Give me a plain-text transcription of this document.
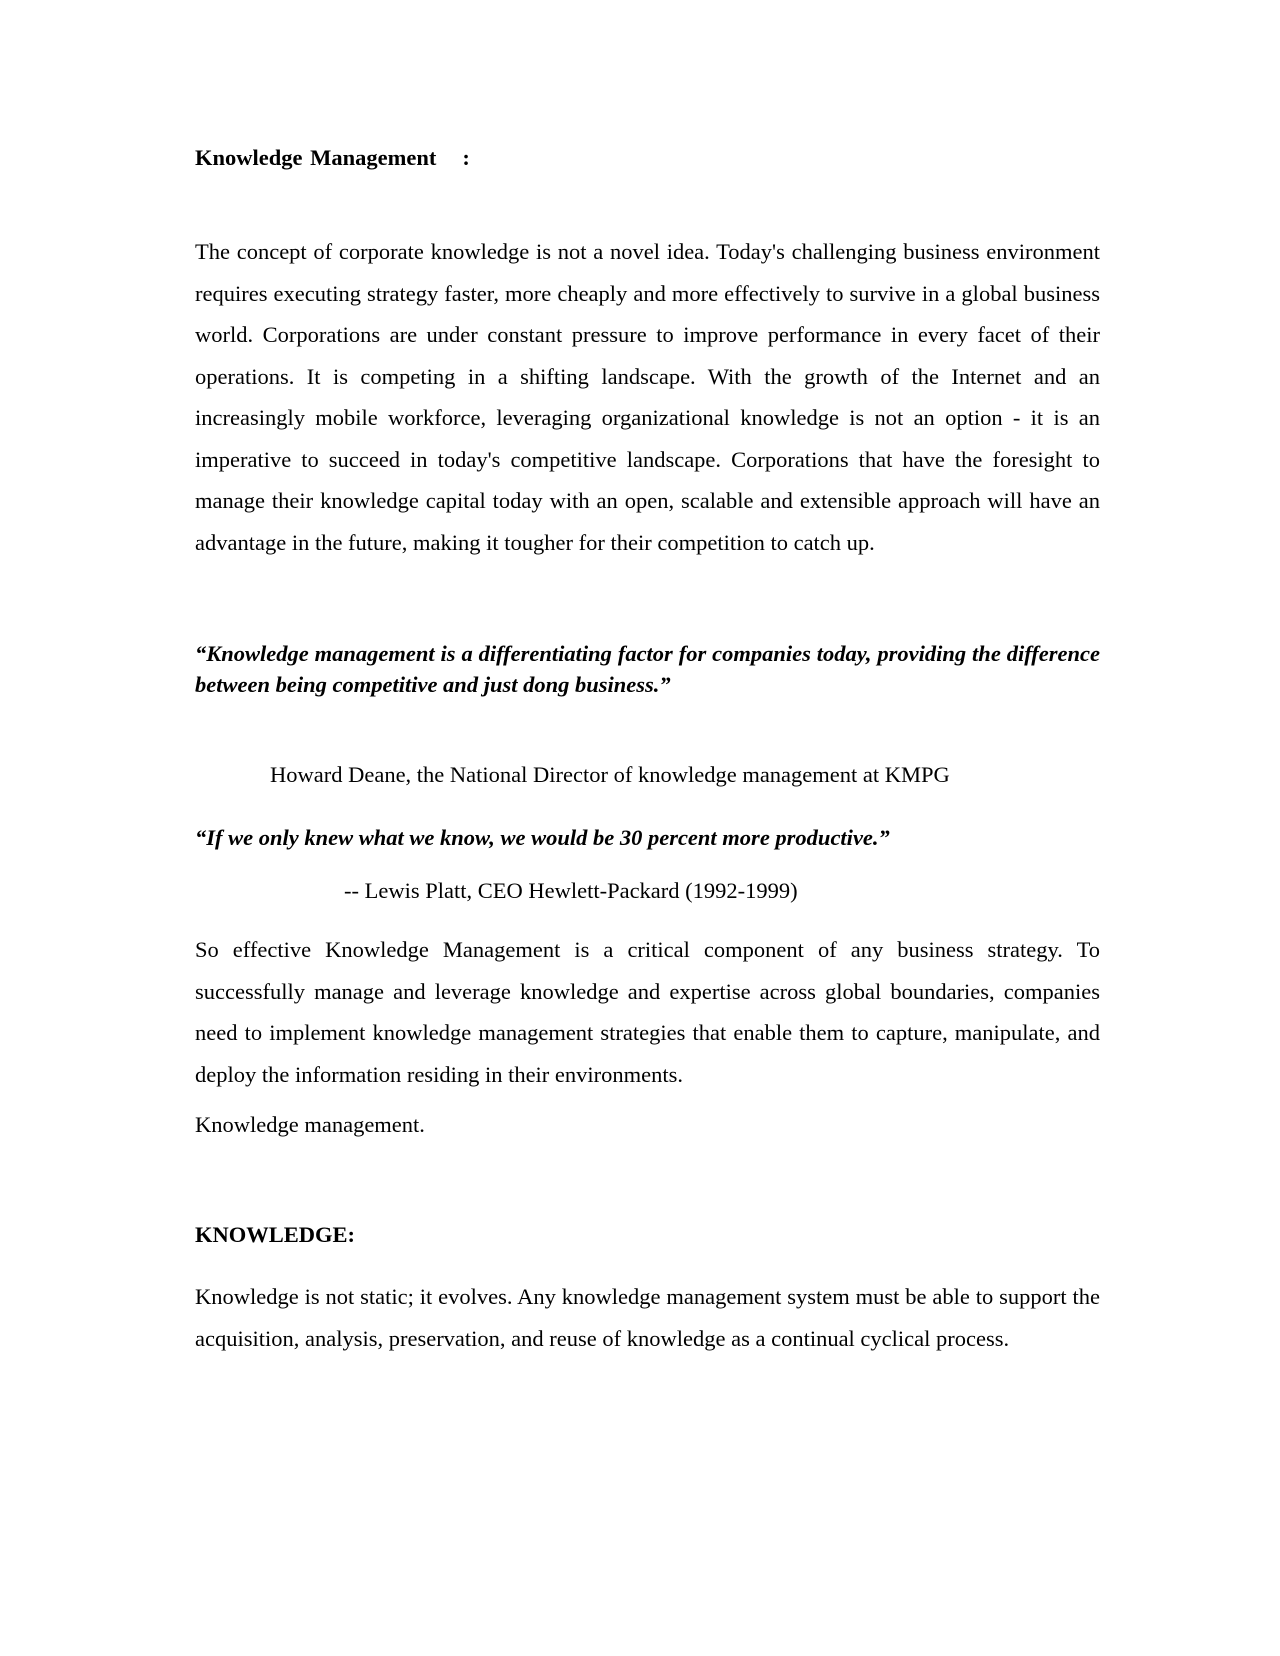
Knowledge Management :

The concept of corporate knowledge is not a novel idea. Today's challenging business environment requires executing strategy faster, more cheaply and more effectively to survive in a global business world. Corporations are under constant pressure to improve performance in every facet of their operations. It is competing in a shifting landscape. With the growth of the Internet and an increasingly mobile workforce, leveraging organizational knowledge is not an option - it is an imperative to succeed in today's competitive landscape. Corporations that have the foresight to manage their knowledge capital today with an open, scalable and extensible approach will have an advantage in the future, making it tougher for their competition to catch up.

“Knowledge management is a differentiating factor for companies today, providing the difference between being competitive and just dong business.”

Howard Deane, the National Director of knowledge management at KMPG
“If we only knew what we know, we would be 30 percent more productive.”
-- Lewis Platt, CEO Hewlett-Packard (1992-1999)

So effective Knowledge Management is a critical component of any business strategy. To successfully manage and leverage knowledge and expertise across global boundaries, companies need to implement knowledge management strategies that enable them to capture, manipulate, and deploy the information residing in their environments.

Knowledge management.
KNOWLEDGE:

Knowledge is not static; it evolves. Any knowledge management system must be able to support the acquisition, analysis, preservation, and reuse of knowledge as a continual cyclical process.
